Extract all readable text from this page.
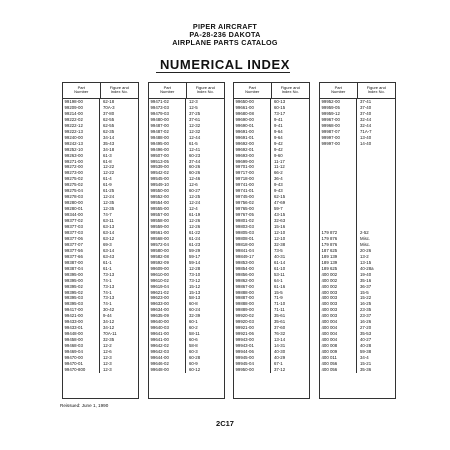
PIPER AIRCRAFT
PA-28-236 DAKOTA
AIRPLANE PARTS CATALOG
NUMERICAL INDEX
Part
Number
Figure and
Index No.
99198-00	62-18
99209-00	70A-3
99214-00	37-80
99222-02	62-55
99222-12	62-55
99222-13	62-35
99240-00	34-14
99242-13	35-43
99252-10	34-18
99263-00	61-3
99271-00	61-8
99272-00	12-22
99273-00	12-22
99275-02	61-4
99275-02	61-9
99275-04	61-25
99278-03	12-24
99280-00	12-35
99280-01	12-35
99344-00	74-7
99377-02	63-11
99377-03	63-13
99377-03	63-14
99377-06	63-12
99377-07	69-3
99377-56	63-14
99377-66	63-43
99387-00	61-1
99387-04	61-1
99395-00	73-13
99395-00	74-1
99395-02	73-13
99395-02	74-1
99395-03	73-13
99395-03	74-1
99417-00	30-42
99421-00	9-44
99433-00	34-12
99433-01	34-12
99448-00	70A-11
99458-00	32-35
99468-03	12-2
99469-04	12-6
99470-00	12-3
99470-01	12-3
99470-800	12-3
Part
Number
Figure and
Index No.
99471-02	12-3
99473-03	12-5
99479-03	37-25
99480-00	37-61
99487-00	12-32
99487-02	12-32
99488-00	12-44
99495-00	61-5
99496-00	12-41
99507-00	60-23
99513-05	37-44
99539-00	60-26
99542-02	60-26
99545-00	12-46
99549-10	12-6
99550-00	60-27
99552-00	12-25
99554-00	12-24
99555-00	12-4
99557-00	61-19
99558-00	12-26
99559-00	12-26
99561-00	61-22
99568-00	61-24
99572-04	61-23
99580-00	59-29
99582-08	59-17
99592-09	59-14
99609-00	12-28
99610-00	73-10
99610-02	73-12
99619-04	15-12
99621-02	15-13
99623-00	58-13
99633-00	60-8
99634-00	60-24
99635-09	32-39
99640-00	60-1
99640-03	60-2
99641-00	58-11
99641-00	60-6
99642-02	58-8
99642-03	60-3
99644-00	60-28
99646-02	60-9
99648-00	60-12
Part
Number
Figure and
Index No.
99650-00	60-13
99661-00	60-15
99680-08	73-17
99690-00	9-41
99690-01	9-41
99691-00	9-64
99691-01	9-64
99692-00	9-42
99692-01	9-42
99693-00	9-60
99699-00	11-17
99701-00	11-12
99717-00	66-2
99718-00	36-4
99741-00	9-43
99741-01	9-43
99745-00	62-15
99756-02	47-69
99765-00	59-7
99767-05	43-15
99801-02	32-63
99803-03	15-16
99805-03	12-10
99808-01	12-10
99818-00	32-38
99841-04	73-5
99849-17	40-31
99853-00	61-14
99854-00	61-10
99856-00	53-11
99862-00	64-1
99867-00	61-16
99888-00	15-5
99887-00	71-9
99888-00	71-10
99889-00	71-11
99920-02	35-61
99920-03	35-61
99921-00	37-60
99921-06	76-32
99943-00	13-14
99943-01	14-31
99944-06	40-30
99945-00	40-29
99945-04	67-1
99950-00	37-12
Part
Number
Figure and
Index No.
99952-00	37-41
99959-05	37-40
99959-12	37-40
99967-00	32-44
99968-00	32-44
99987-07	71A-7
99997-00	13-40
99997-00	14-40
179 872	2-52
179 876	Misc.
179 876	Misc.
187 625	20-26
189 139	13-2
189 139	13-15
189 625	40-28a
400 002	19-40
400 002	35-16
400 002	36-37
400 003	15-5
400 003	15-22
400 003	16-25
400 003	23-35
400 003	23-37
400 004	16-26
400 004	27-20
400 004	35-53
400 004	40-27
400 008	40-28
400 009	59-38
400 011	34-4
400 056	15-21
400 056	35-36
Reissued: June 1, 1990
2C17
